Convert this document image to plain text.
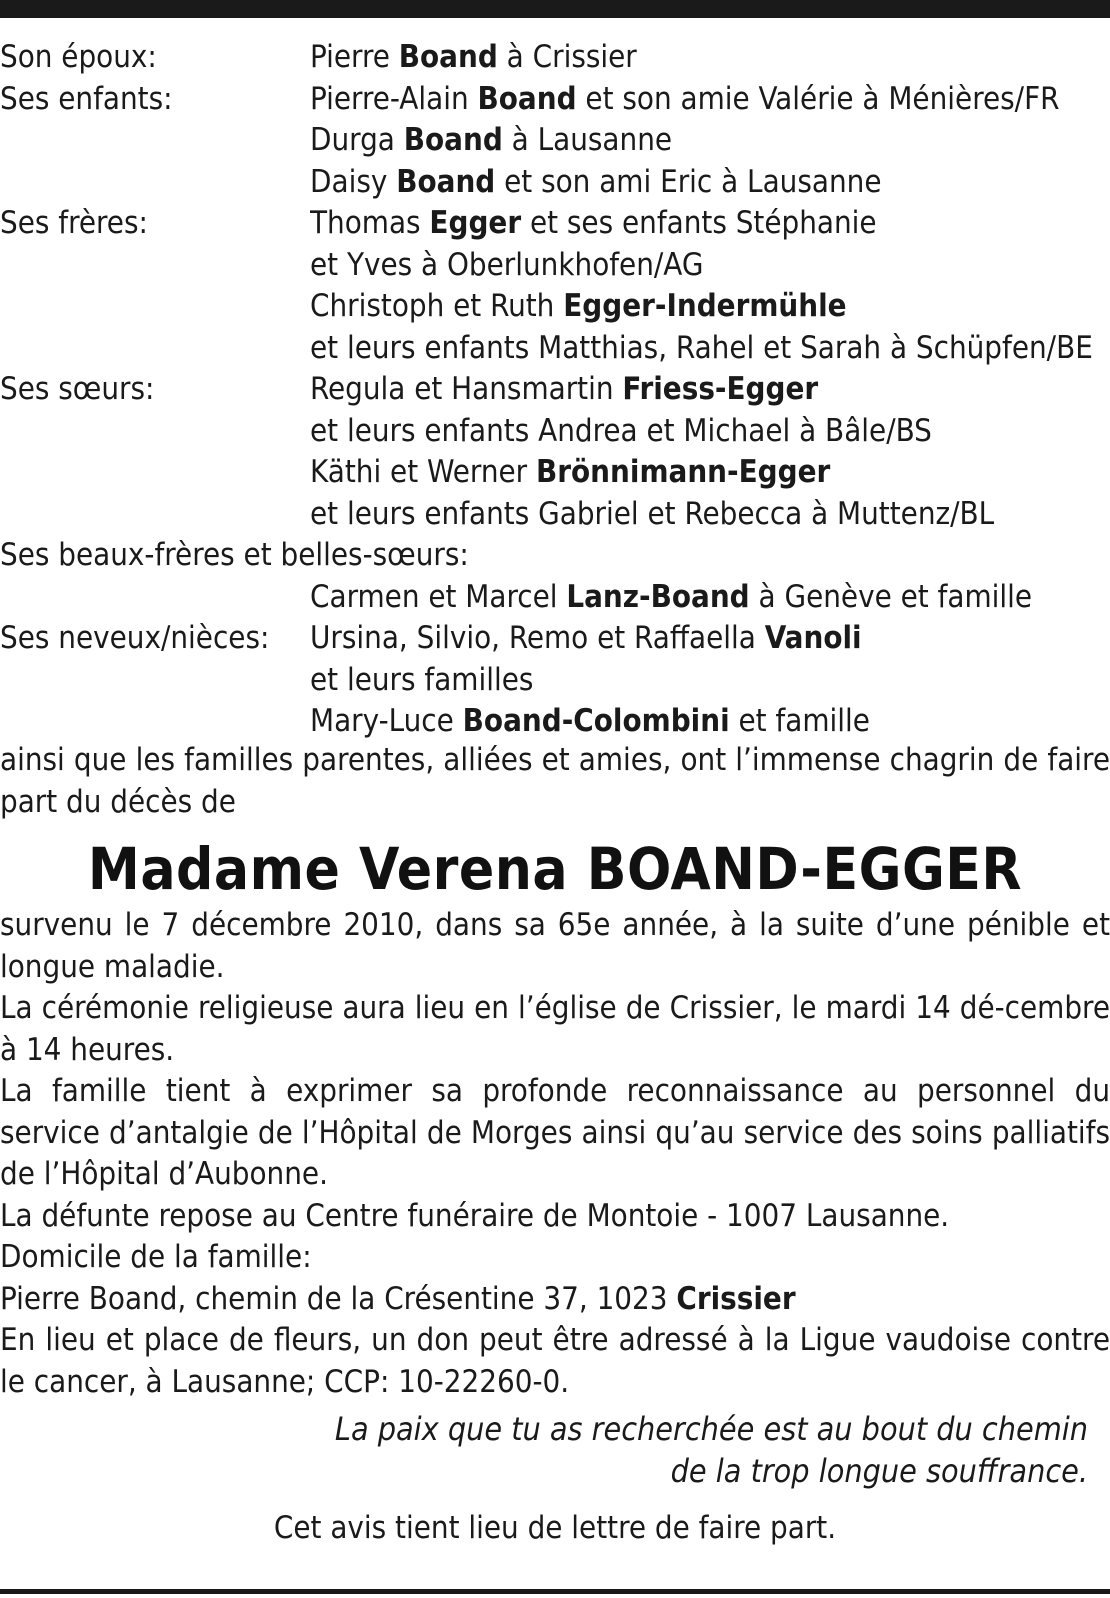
Son époux:	Pierre Boand à Crissier
Ses enfants:	Pierre-Alain Boand et son amie Valérie à Ménières/FR
Durga Boand à Lausanne
Daisy Boand et son ami Eric à Lausanne
Ses frères:	Thomas Egger et ses enfants Stéphanie
et Yves à Oberlunkhofen/AG
Christoph et Ruth Egger-Indermühle
et leurs enfants Matthias, Rahel et Sarah à Schüpfen/BE
Ses sœurs:	Regula et Hansmartin Friess-Egger
et leurs enfants Andrea et Michael à Bâle/BS
Käthi et Werner Brönnimann-Egger
et leurs enfants Gabriel et Rebecca à Muttenz/BL
Ses beaux-frères et belles-sœurs:
Carmen et Marcel Lanz-Boand à Genève et famille
Ses neveux/nièces:	Ursina, Silvio, Remo et Raffaella Vanoli
et leurs familles
Mary-Luce Boand-Colombini et famille
ainsi que les familles parentes, alliées et amies, ont l’immense chagrin de faire part du décès de
Madame Verena BOAND-EGGER

survenu le 7 décembre 2010, dans sa 65e année, à la suite d’une pénible et longue maladie.

La cérémonie religieuse aura lieu en l’église de Crissier, le mardi 14 dé-cembre à 14 heures.

La famille tient à exprimer sa profonde reconnaissance au personnel du service d’antalgie de l’Hôpital de Morges ainsi qu’au service des soins palliatifs de l’Hôpital d’Aubonne.

La défunte repose au Centre funéraire de Montoie - 1007 Lausanne.

Domicile de la famille:

Pierre Boand, chemin de la Crésentine 37, 1023 Crissier

En lieu et place de fleurs, un don peut être adressé à la Ligue vaudoise contre le cancer, à Lausanne; CCP: 10-22260-0.

La paix que tu as recherchée est au bout du chemin

de la trop longue souffrance.

Cet avis tient lieu de lettre de faire part.
